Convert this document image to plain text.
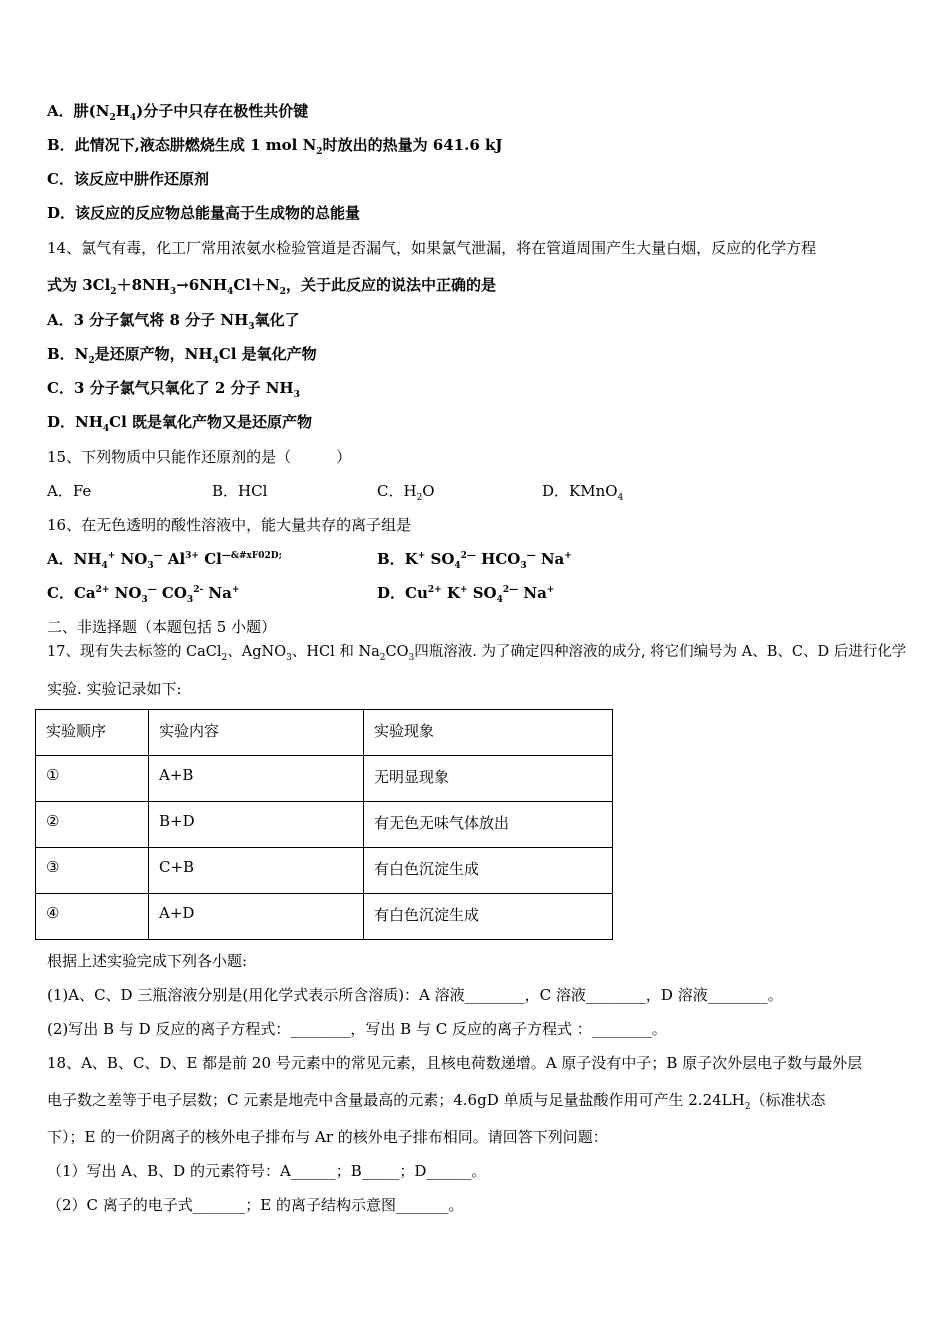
A．肼$(N_2H_4)$分子中只存在极性共价键
B．此情况下,液态肼燃烧生成 1 mol $N_2$时放出的热量为 641.6 kJ
C．该反应中肼作还原剂
D．该反应的反应物总能量高于生成物的总能量
14、氯气有毒，化工厂常用浓氨水检验管道是否漏气，如果氯气泄漏，将在管道周围产生大量白烟，反应的化学方程
式为 $3Cl_2+8NH_3\to 6NH_4Cl+N_2$，关于此反应的说法中正确的是
A．3 分子氯气将 8 分子 $NH_3$氧化了
B．$N_2$是还原产物，$NH_4Cl$ 是氧化产物
C．3 分子氯气只氧化了 2 分子 $NH_3$
D．$NH_4Cl$ 既是氧化产物又是还原产物
15、下列物质中只能作还原剂的是（　　　）
A．Fe	B．HCl	C．$H_2O$	D．KMnO$_4$
16、在无色透明的酸性溶液中，能大量共存的离子组是
A．$NH_4^+$ $NO_3^—$ $Al^{3+}$ $Cl^{—\&\#xF02D;}$	B．K+ $SO_4^{2—}$ $HCO_3^—$ Na+
C．$Ca^{2+}$ $NO_3^—$ $CO_3^{2-}$ Na+	D．$Cu^{2+}$ K+ $SO_4^{2—}$ Na+
二、非选择题（本题包括 5 小题）
17、现有失去标签的 CaCl$_2$、AgNO$_3$、HCl 和 $Na_2CO_3$四瓶溶液. 为了确定四种溶液的成分, 将它们编号为 A、B、C、D 后进行化学
实验. 实验记录如下:
实验顺序	实验内容	实验现象
①	A+B	无明显现象
②	B+D	有无色无味气体放出
③	C+B	有白色沉淀生成
④	A+D	有白色沉淀生成
根据上述实验完成下列各小题:
(1)A、C、D 三瓶溶液分别是(用化学式表示所含溶质)：A 溶液________，C 溶液________，D 溶液________。
(2)写出 B 与 D 反应的离子方程式：________，写出 B 与 C 反应的离子方程式 ：________。
18、A、B、C、D、E 都是前 20 号元素中的常见元素，且核电荷数递增。A 原子没有中子；B 原子次外层电子数与最外层
电子数之差等于电子层数；C 元素是地壳中含量最高的元素；4.6gD 单质与足量盐酸作用可产生 $2.24LH_2$（标准状态
下）；E 的一价阴离子的核外电子排布与 Ar 的核外电子排布相同。请回答下列问题：
（1）写出 A、B、D 的元素符号：A______；B_____；D______。
（2）C 离子的电子式_______；E 的离子结构示意图_______。
